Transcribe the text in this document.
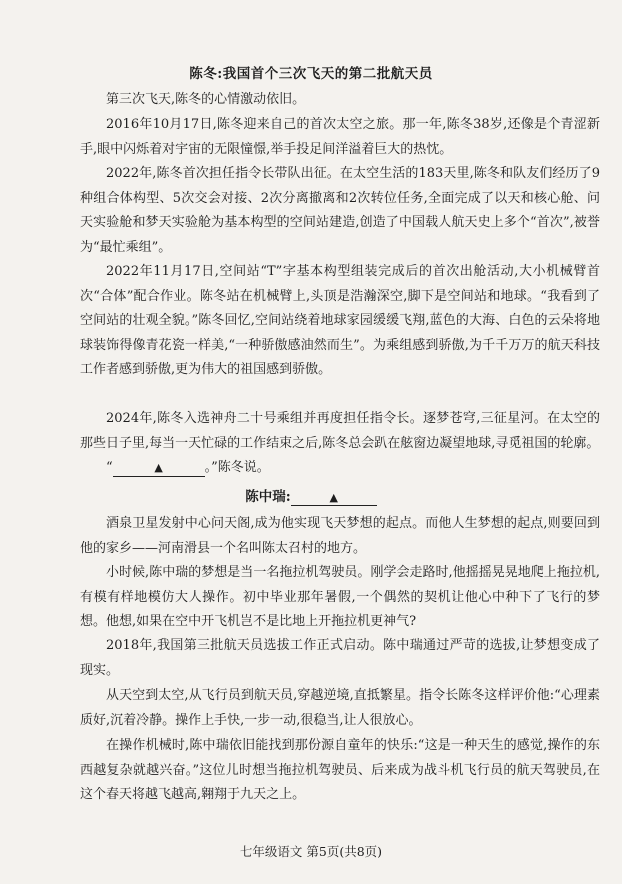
陈冬:我国首个三次飞天的第二批航天员

第三次飞天,陈冬的心情激动依旧。

2016年10月17日,陈冬迎来自己的首次太空之旅。那一年,陈冬38岁,还像是个青涩新手,眼中闪烁着对宇宙的无限憧憬,举手投足间洋溢着巨大的热忱。

2022年,陈冬首次担任指令长带队出征。在太空生活的183天里,陈冬和队友们经历了9种组合体构型、5次交会对接、2次分离撤离和2次转位任务,全面完成了以天和核心舱、问天实验舱和梦天实验舱为基本构型的空间站建造,创造了中国载人航天史上多个“首次”,被誉为“最忙乘组”。

2022年11月17日,空间站“T”字基本构型组装完成后的首次出舱活动,大小机械臂首次“合体”配合作业。陈冬站在机械臂上,头顶是浩瀚深空,脚下是空间站和地球。“我看到了空间站的壮观全貌。”陈冬回忆,空间站绕着地球家园缓缓飞翔,蓝色的大海、白色的云朵将地球装饰得像青花瓷一样美,“一种骄傲感油然而生”。为乘组感到骄傲,为千千万万的航天科技工作者感到骄傲,更为伟大的祖国感到骄傲。

2024年,陈冬入选神舟二十号乘组并再度担任指令长。逐梦苍穹,三征星河。在太空的那些日子里,每当一天忙碌的工作结束之后,陈冬总会趴在舷窗边凝望地球,寻觅祖国的轮廓。

“	▲	。”陈冬说。
陈中瑞:	▲

酒泉卫星发射中心问天阁,成为他实现飞天梦想的起点。而他人生梦想的起点,则要回到他的家乡——河南滑县一个名叫陈太召村的地方。

小时候,陈中瑞的梦想是当一名拖拉机驾驶员。刚学会走路时,他摇摇晃晃地爬上拖拉机,有模有样地模仿大人操作。初中毕业那年暑假,一个偶然的契机让他心中种下了飞行的梦想。他想,如果在空中开飞机岂不是比地上开拖拉机更神气?

2018年,我国第三批航天员选拔工作正式启动。陈中瑞通过严苛的选拔,让梦想变成了现实。

从天空到太空,从飞行员到航天员,穿越逆境,直抵繁星。指令长陈冬这样评价他:“心理素质好,沉着冷静。操作上手快,一步一动,很稳当,让人很放心。

在操作机械时,陈中瑞依旧能找到那份源自童年的快乐:“这是一种天生的感觉,操作的东西越复杂就越兴奋。”这位儿时想当拖拉机驾驶员、后来成为战斗机飞行员的航天驾驶员,在这个春天将越飞越高,翱翔于九天之上。

七年级语文 第5页(共8页)
